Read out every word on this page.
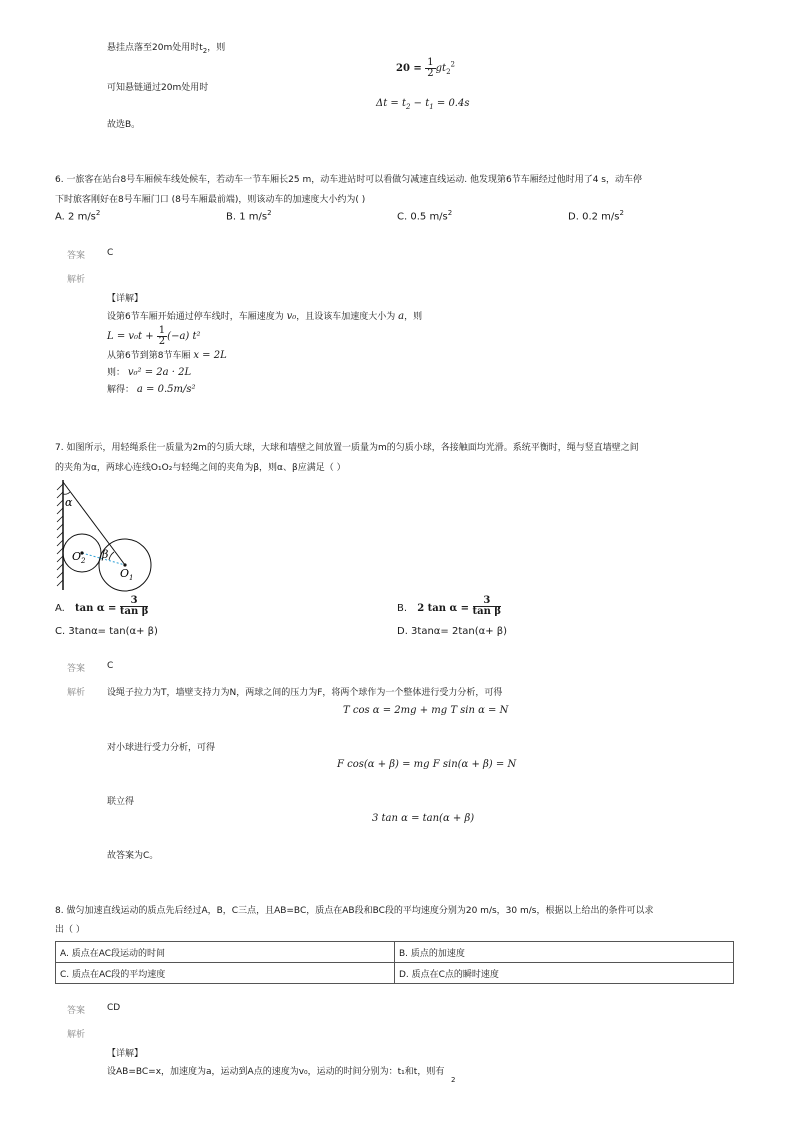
悬挂点落至20m处用时$t_2$，则
$20 = \frac{1}{2} gt_2^2$
可知悬链通过20m处用时
$\Delta t = t_2 - t_1 = 0.4s$
故选B。
6. 一旅客在站台8号车厢候车线处候车，若动车一节车厢长25 m，动车进站时可以看做匀减速直线运动. 他发现第6节车厢经过他时用了4 s，动车停
下时旅客刚好在8号车厢门口 (8号车厢最前端)，则该动车的加速度大小约为( )
A. 2 $m/s^2$	B. 1 $m/s^2$	C. 0.5 $m/s^2$	D. 0.2 $m/s^2$
答案 C
解析
【详解】
设第6节车厢开始通过停车线时，车厢速度为 v₀，且设该车加速度大小为 a，则
$L = v_0t + \frac{1}{2} (-a)$ t²
从第6节到第8节车厢 x = 2L
则： v₀² = 2a · 2L
解得： a = 0.5m/s²
7. 如图所示，用轻绳系住一质量为2m的匀质大球，大球和墙壁之间放置一质量为m的匀质小球，各接触面均光滑。系统平衡时，绳与竖直墙壁之间
的夹角为α，两球心连线O₁O₂与轻绳之间的夹角为β，则α、β应满足（ ）
α
β
$O_2$
$O_1$
A. $\tan \alpha = \frac{3}{\text{tan β}}$	B. 2 $\tan \alpha = \frac{3}{\text{tan β}}$
C. 3tanα= tan(α+ β)	D. 3tanα= 2tan(α+ β)
答案 C
解析 设绳子拉力为T，墙壁支持力为N，两球之间的压力为F，将两个球作为一个整体进行受力分析，可得
T cos α = 2mg + mg T sin α = N
对小球进行受力分析，可得
F cos(α + β) = mg F sin(α + β) = N
联立得
3 tan α = tan(α + β)
故答案为C。
8. 做匀加速直线运动的质点先后经过A，B，C三点，且AB=BC，质点在AB段和BC段的平均速度分别为20 m/s，30 m/s，根据以上给出的条件可以求
出（ ）
A. 质点在AC段运动的时间	B. 质点的加速度
C. 质点在AC段的平均速度	D. 质点在C点的瞬时速度
答案 CD
解析
【详解】
设AB=BC=x，加速度为a，运动到A点的速度为v₀，运动的时间分别为：t₁和t，则有
2
